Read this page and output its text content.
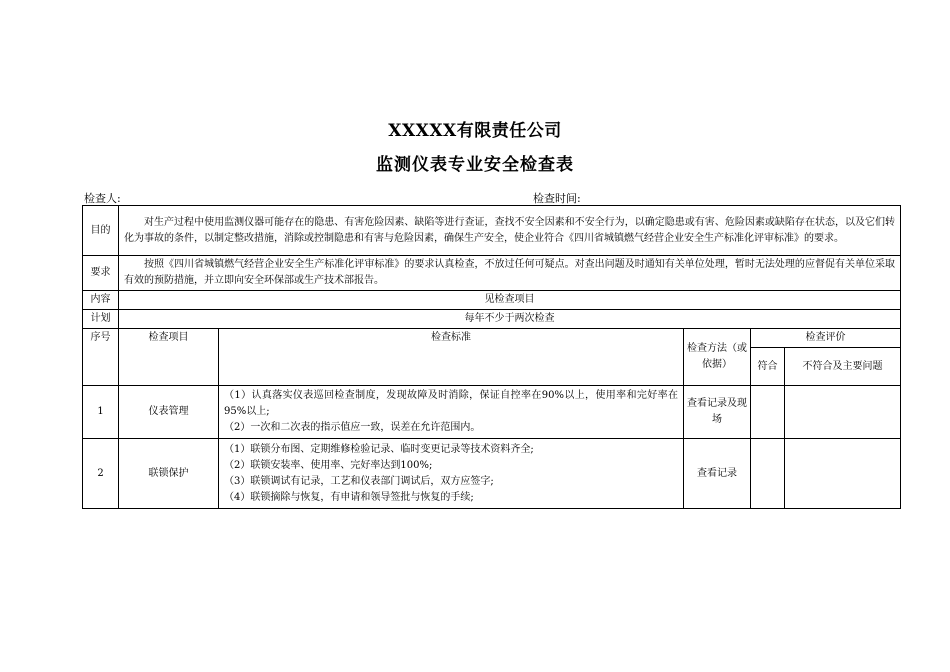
XXXXX有限责任公司
监测仪表专业安全检查表
检查人:	检查时间:
目的	对生产过程中使用监测仪器可能存在的隐患、有害危险因素、缺陷等进行查证，查找不安全因素和不安全行为，以确定隐患或有害、危险因素或缺陷存在状态，以及它们转化为事故的条件，以制定整改措施，消除或控制隐患和有害与危险因素，确保生产安全，使企业符合《四川省城镇燃气经营企业安全生产标准化评审标准》的要求。				
要求	按照《四川省城镇燃气经营企业安全生产标准化评审标准》的要求认真检查，不放过任何可疑点。对查出问题及时通知有关单位处理，暂时无法处理的应督促有关单位采取有效的预防措施，并立即向安全环保部或生产技术部报告。				
内容	见检查项目				
计划	每年不少于两次检查				
序号	检查项目	检查标准	检查方法（或依据）	检查评价	
				符合	不符合及主要问题
1	仪表管理	（1）认真落实仪表巡回检查制度，发现故障及时消除，保证自控率在90%以上，使用率和完好率在95%以上;
（2）一次和二次表的指示值应一致，误差在允许范围内。	查看记录及现场		
2	联锁保护	（1）联锁分布图、定期维修检验记录、临时变更记录等技术资料齐全;
（2）联锁安装率、使用率、完好率达到100%;
（3）联锁调试有记录，工艺和仪表部门调试后，双方应签字;
（4）联锁摘除与恢复，有申请和领导签批与恢复的手续;	查看记录		
